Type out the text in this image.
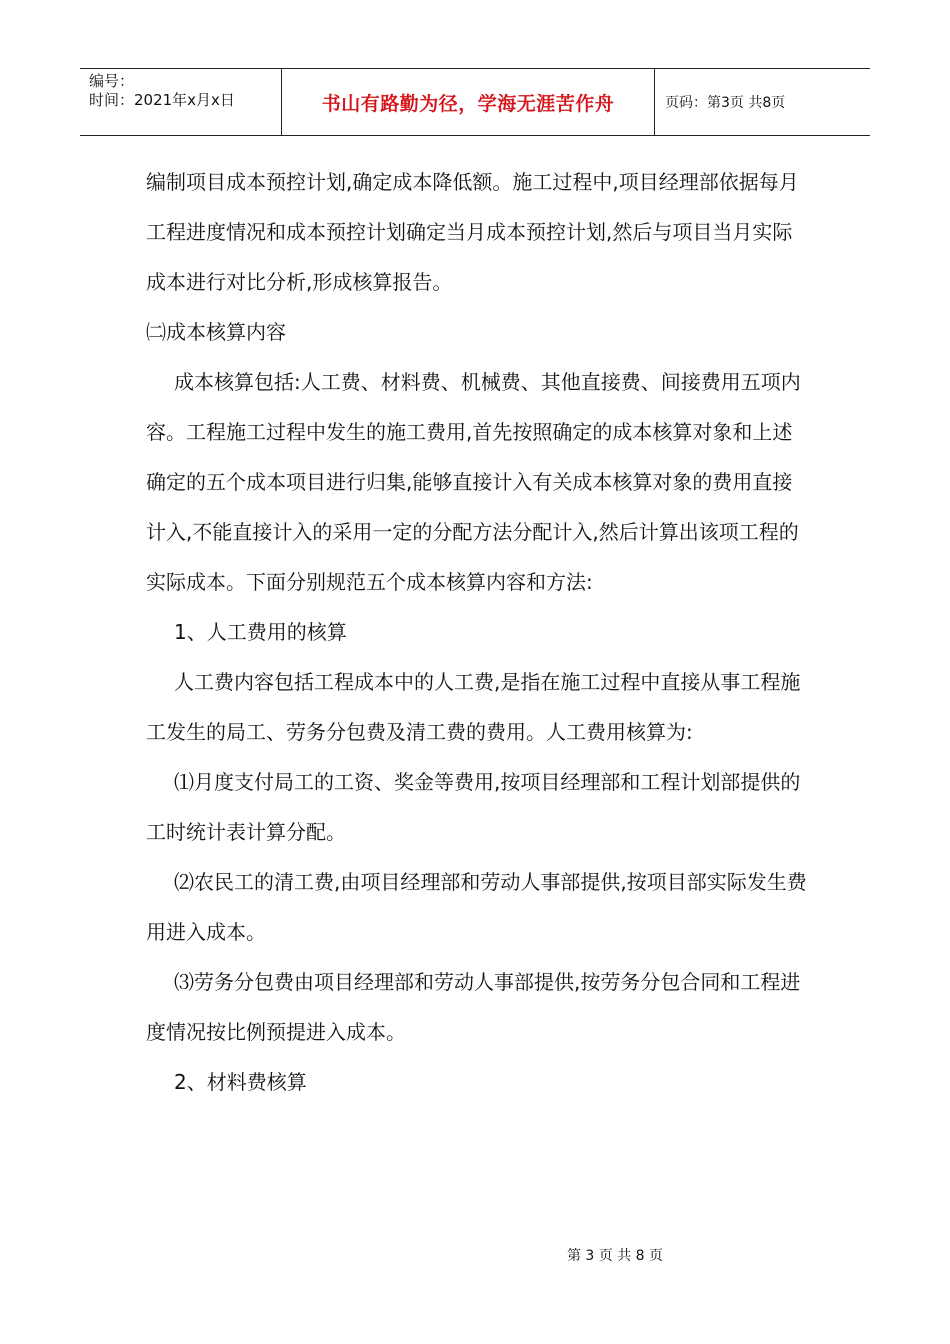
编号：
时间：2021年x月x日	书山有路勤为径，学海无涯苦作舟	页码：第3页 共8页

编制项目成本预控计划,确定成本降低额。施工过程中,项目经理部依据每月工程进度情况和成本预控计划确定当月成本预控计划,然后与项目当月实际成本进行对比分析,形成核算报告。

㈡成本核算内容

成本核算包括:人工费、材料费、机械费、其他直接费、间接费用五项内容。工程施工过程中发生的施工费用,首先按照确定的成本核算对象和上述确定的五个成本项目进行归集,能够直接计入有关成本核算对象的费用直接计入,不能直接计入的采用一定的分配方法分配计入,然后计算出该项工程的实际成本。下面分别规范五个成本核算内容和方法:

1、人工费用的核算

人工费内容包括工程成本中的人工费,是指在施工过程中直接从事工程施工发生的局工、劳务分包费及清工费的费用。人工费用核算为:

⑴月度支付局工的工资、奖金等费用,按项目经理部和工程计划部提供的工时统计表计算分配。

⑵农民工的清工费,由项目经理部和劳动人事部提供,按项目部实际发生费用进入成本。

⑶劳务分包费由项目经理部和劳动人事部提供,按劳务分包合同和工程进度情况按比例预提进入成本。

2、材料费核算

第 3 页 共 8 页
